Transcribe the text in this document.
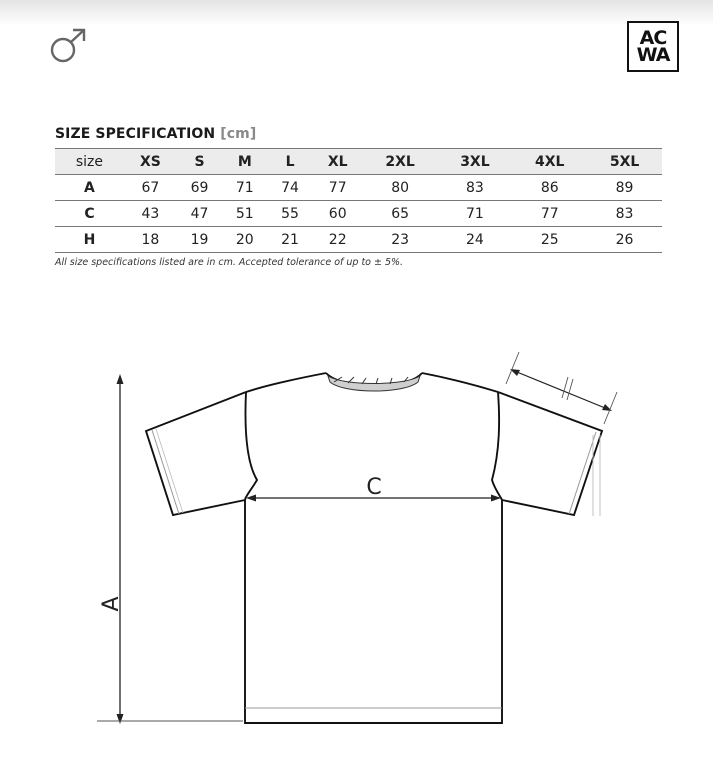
AC
WA
SIZE SPECIFICATION [cm]
size	XS	S	M	L	XL	2XL	3XL	4XL	5XL
A	67	69	71	74	77	80	83	86	89
C	43	47	51	55	60	65	71	77	83
H	18	19	20	21	22	23	24	25	26
All size specifications listed are in cm. Accepted tolerance of up to ± 5%.
C
A
